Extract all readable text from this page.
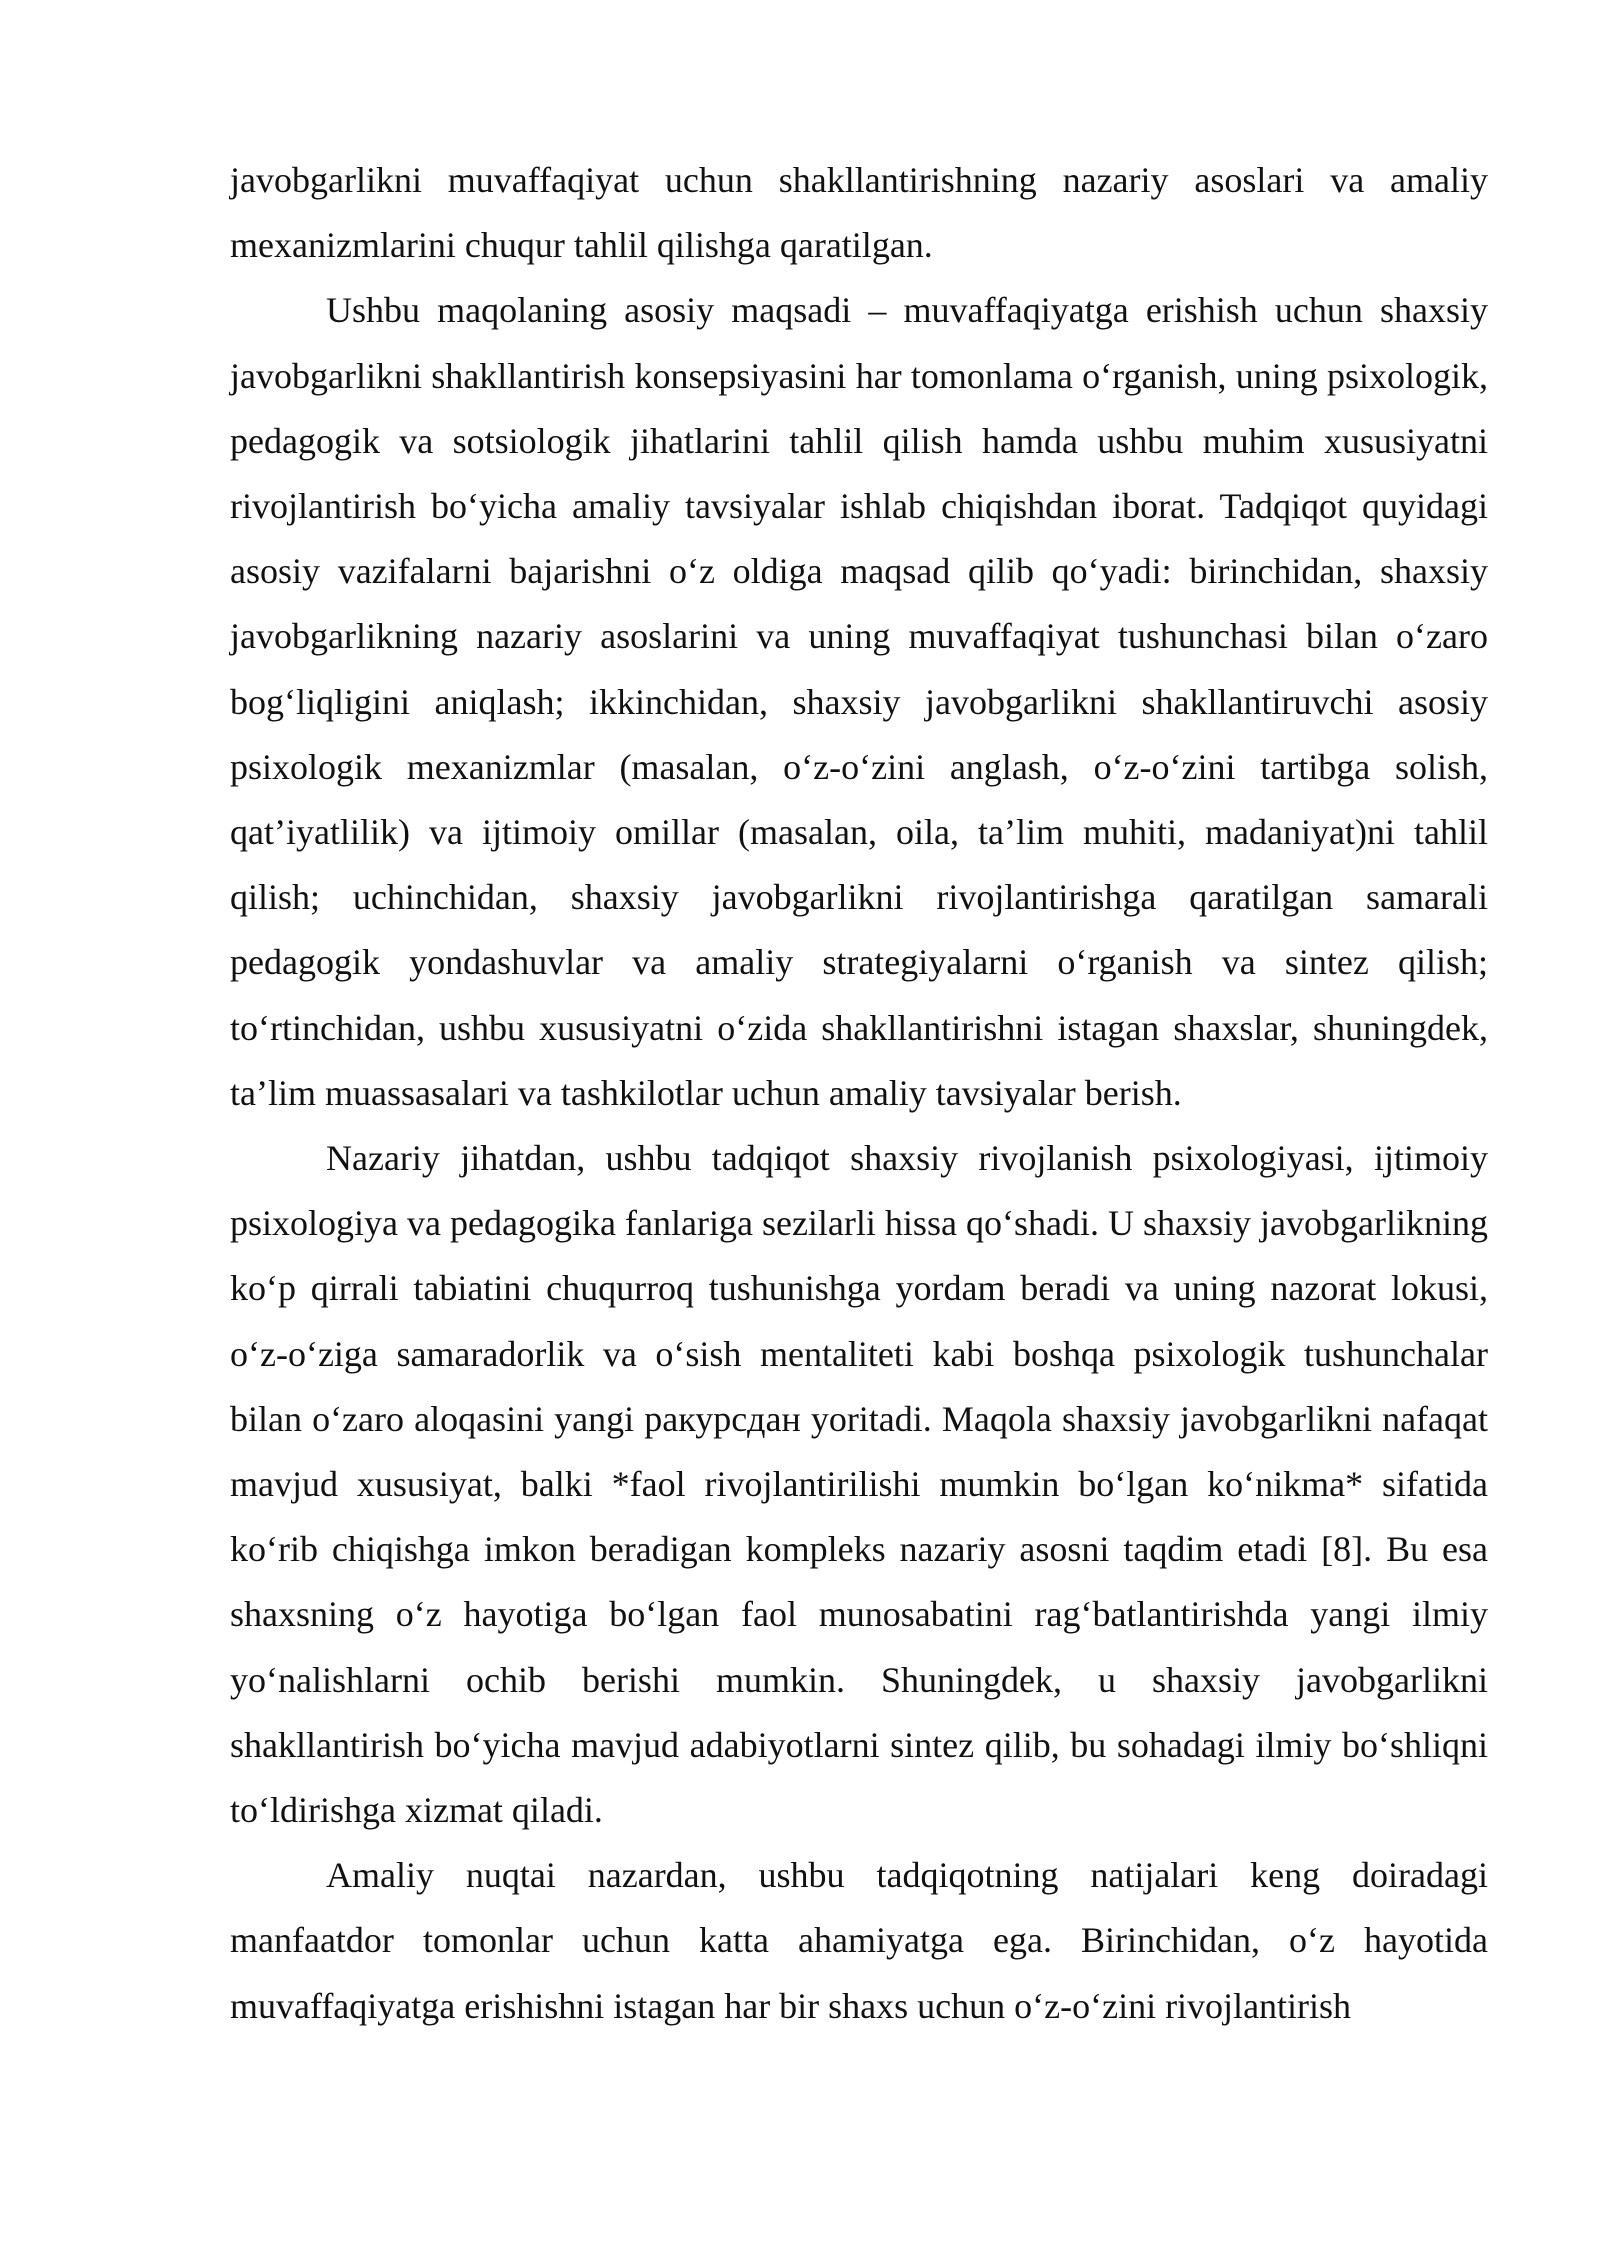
javobgarlikni muvaffaqiyat uchun shakllantirishning nazariy asoslari va amaliy mexanizmlarini chuqur tahlil qilishga qaratilgan.

Ushbu maqolaning asosiy maqsadi – muvaffaqiyatga erishish uchun shaxsiy javobgarlikni shakllantirish konsepsiyasini har tomonlama o‘rganish, uning psixologik, pedagogik va sotsiologik jihatlarini tahlil qilish hamda ushbu muhim xususiyatni rivojlantirish bo‘yicha amaliy tavsiyalar ishlab chiqishdan iborat. Tadqiqot quyidagi asosiy vazifalarni bajarishni o‘z oldiga maqsad qilib qo‘yadi: birinchidan, shaxsiy javobgarlikning nazariy asoslarini va uning muvaffaqiyat tushunchasi bilan o‘zaro bog‘liqligini aniqlash; ikkinchidan, shaxsiy javobgarlikni shakllantiruvchi asosiy psixologik mexanizmlar (masalan, o‘z-o‘zini anglash, o‘z-o‘zini tartibga solish, qat’iyatlilik) va ijtimoiy omillar (masalan, oila, ta’lim muhiti, madaniyat)ni tahlil qilish; uchinchidan, shaxsiy javobgarlikni rivojlantirishga qaratilgan samarali pedagogik yondashuvlar va amaliy strategiyalarni o‘rganish va sintez qilish; to‘rtinchidan, ushbu xususiyatni o‘zida shakllantirishni istagan shaxslar, shuningdek, ta’lim muassasalari va tashkilotlar uchun amaliy tavsiyalar berish.

Nazariy jihatdan, ushbu tadqiqot shaxsiy rivojlanish psixologiyasi, ijtimoiy psixologiya va pedagogika fanlariga sezilarli hissa qo‘shadi. U shaxsiy javobgarlikning ko‘p qirrali tabiatini chuqurroq tushunishga yordam beradi va uning nazorat lokusi, o‘z-o‘ziga samaradorlik va o‘sish mentaliteti kabi boshqa psixologik tushunchalar bilan o‘zaro aloqasini yangi ракурсдан yoritadi. Maqola shaxsiy javobgarlikni nafaqat mavjud xususiyat, balki *faol rivojlantirilishi mumkin bo‘lgan ko‘nikma* sifatida ko‘rib chiqishga imkon beradigan kompleks nazariy asosni taqdim etadi [8]. Bu esa shaxsning o‘z hayotiga bo‘lgan faol munosabatini rag‘batlantirishda yangi ilmiy yo‘nalishlarni ochib berishi mumkin. Shuningdek, u shaxsiy javobgarlikni shakllantirish bo‘yicha mavjud adabiyotlarni sintez qilib, bu sohadagi ilmiy bo‘shliqni to‘ldirishga xizmat qiladi.

Amaliy nuqtai nazardan, ushbu tadqiqotning natijalari keng doiradagi manfaatdor tomonlar uchun katta ahamiyatga ega. Birinchidan, o‘z hayotida muvaffaqiyatga erishishni istagan har bir shaxs uchun o‘z-o‘zini rivojlantirish
